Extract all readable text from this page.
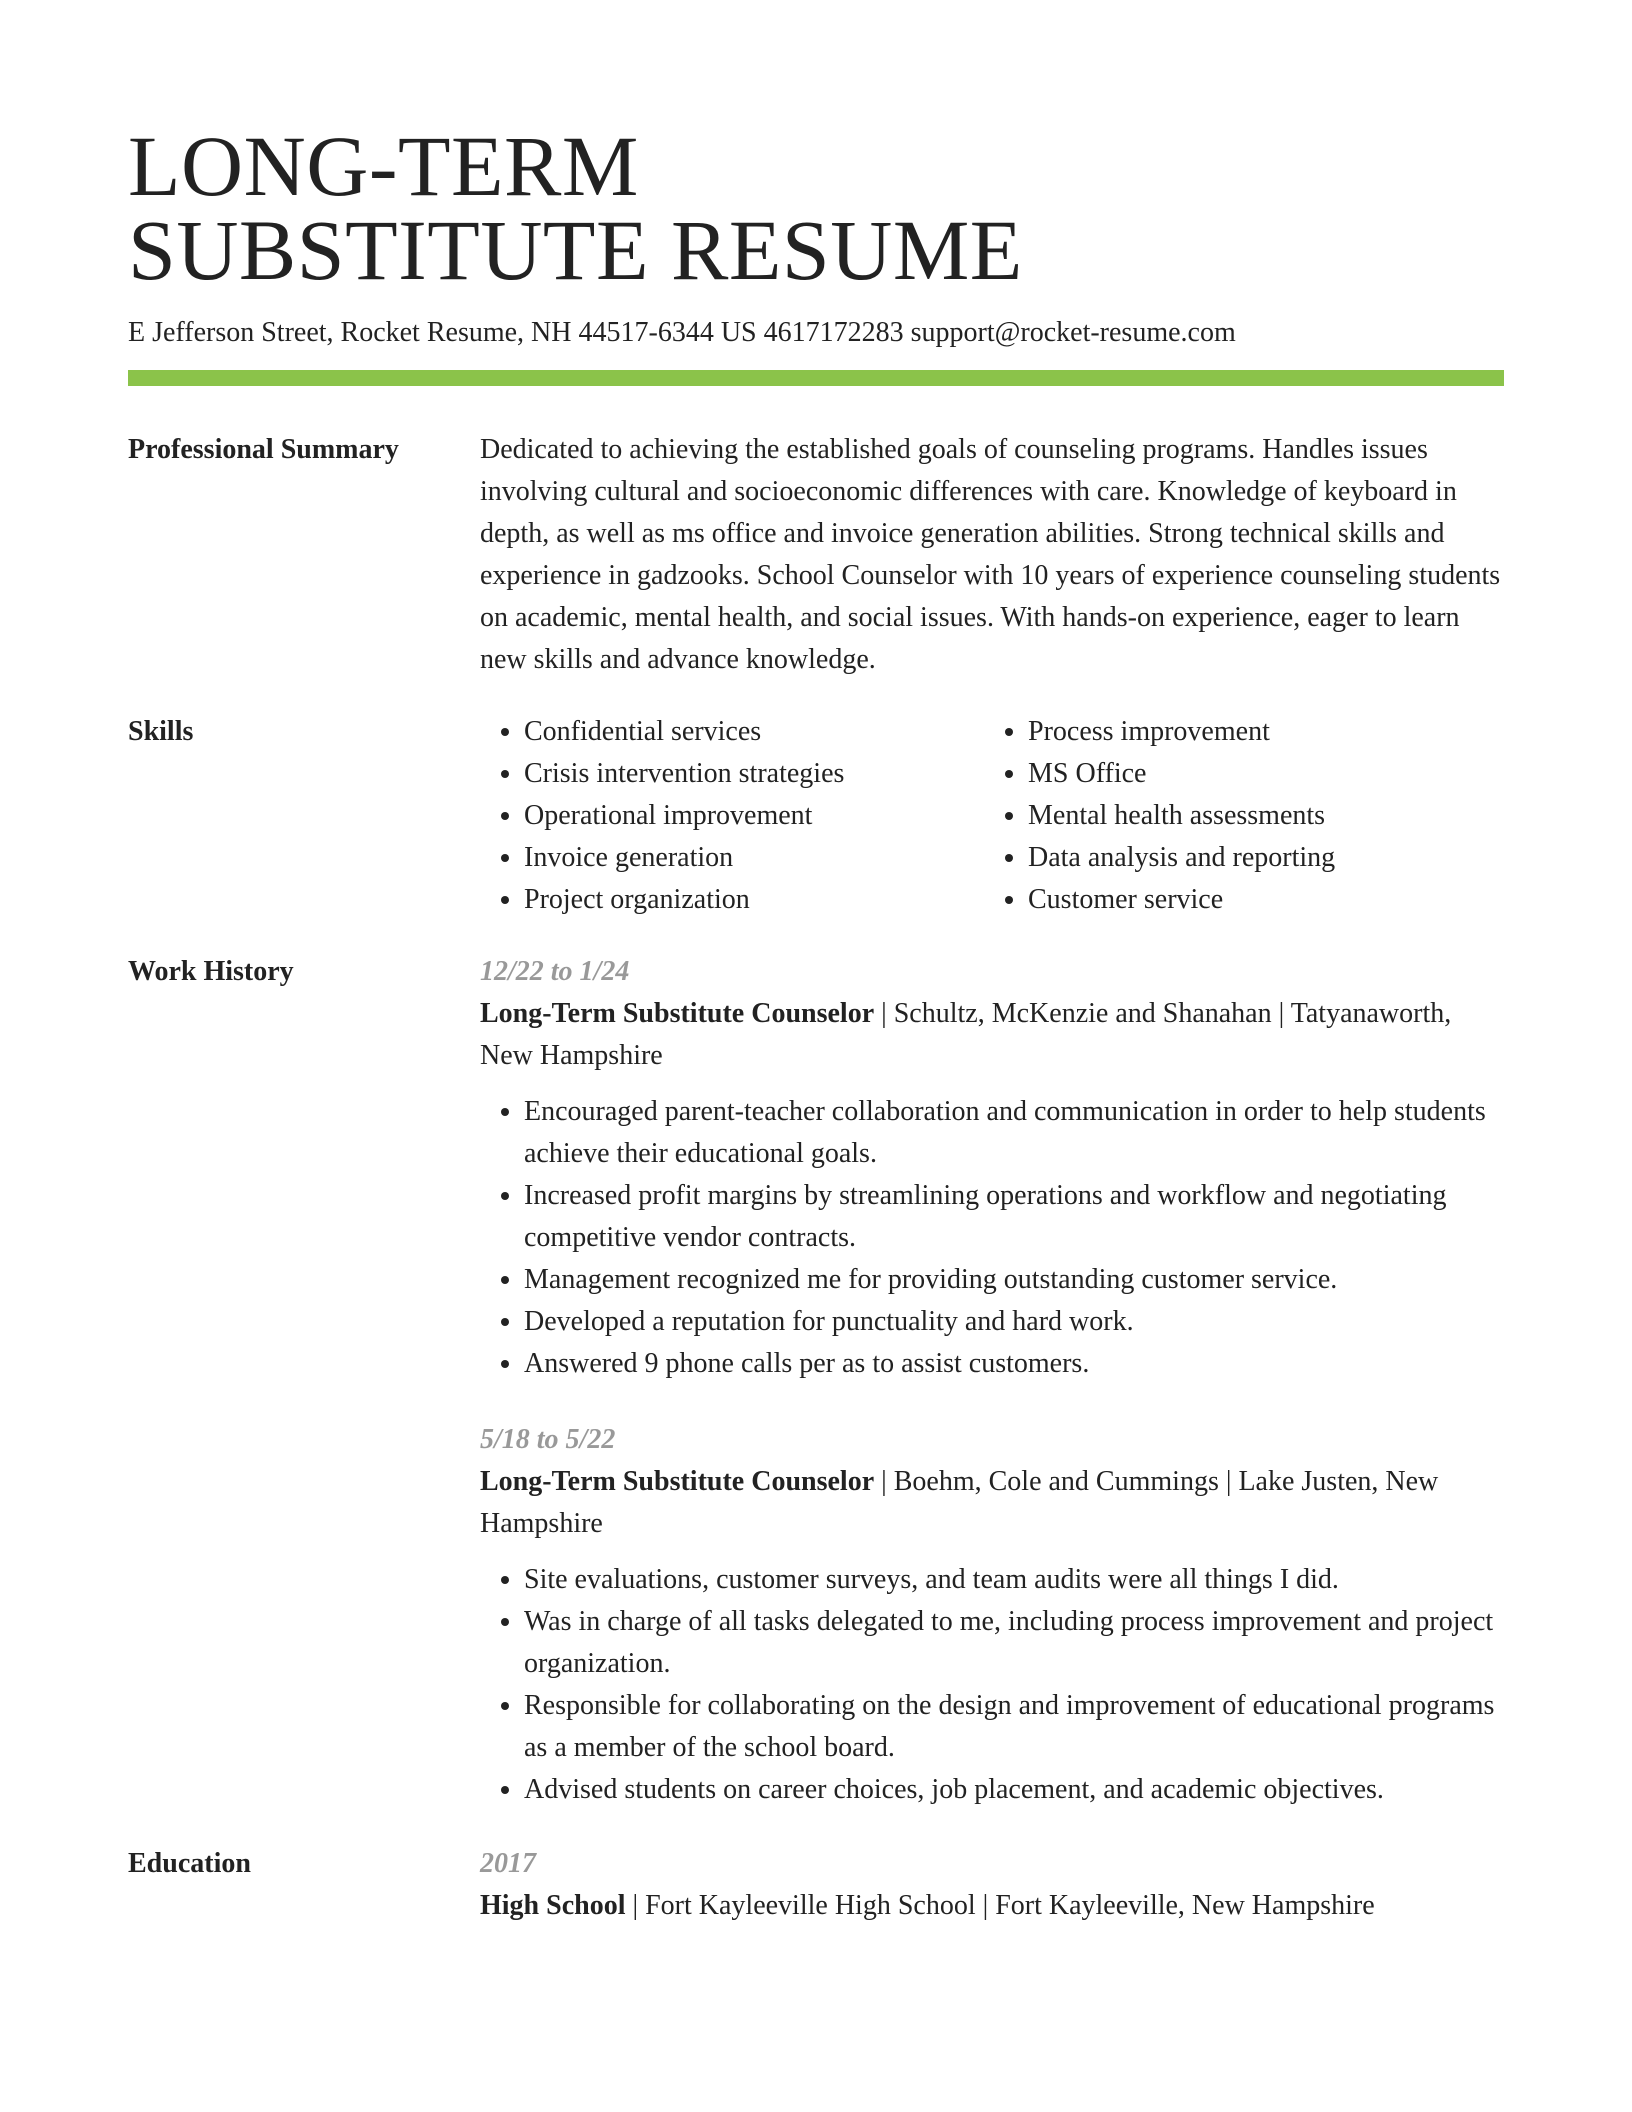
LONG-TERM
SUBSTITUTE RESUME
E Jefferson Street, Rocket Resume, NH 44517-6344 US 4617172283 support@rocket-resume.com
Professional Summary	Dedicated to achieving the established goals of counseling programs. Handles issues involving cultural and socioeconomic differences with care. Knowledge of keyboard in depth, as well as ms office and invoice generation abilities. Strong technical skills and experience in gadzooks. School Counselor with 10 years of experience counseling students on academic, mental health, and social issues. With hands-on experience, eager to learn new skills and advance knowledge.

Skills
•	Confidential services
• Crisis intervention strategies
• Operational improvement
• Invoice generation
• Project organization
• Process improvement
• MS Office
• Mental health assessments
• Data analysis and reporting
• Customer service
Work History	12/22 to 1/24
Long-Term Substitute Counselor | Schultz, McKenzie and Shanahan | Tatyanaworth, New Hampshire
• Encouraged parent-teacher collaboration and communication in order to help students achieve their educational goals.
• Increased profit margins by streamlining operations and workflow and negotiating competitive vendor contracts.
• Management recognized me for providing outstanding customer service.
• Developed a reputation for punctuality and hard work.
• Answered 9 phone calls per as to assist customers.
5/18 to 5/22
Long-Term Substitute Counselor | Boehm, Cole and Cummings | Lake Justen, New Hampshire
• Site evaluations, customer surveys, and team audits were all things I did.
• Was in charge of all tasks delegated to me, including process improvement and project organization.
• Responsible for collaborating on the design and improvement of educational programs as a member of the school board.
• Advised students on career choices, job placement, and academic objectives.
Education	2017
High School | Fort Kayleeville High School | Fort Kayleeville, New Hampshire
